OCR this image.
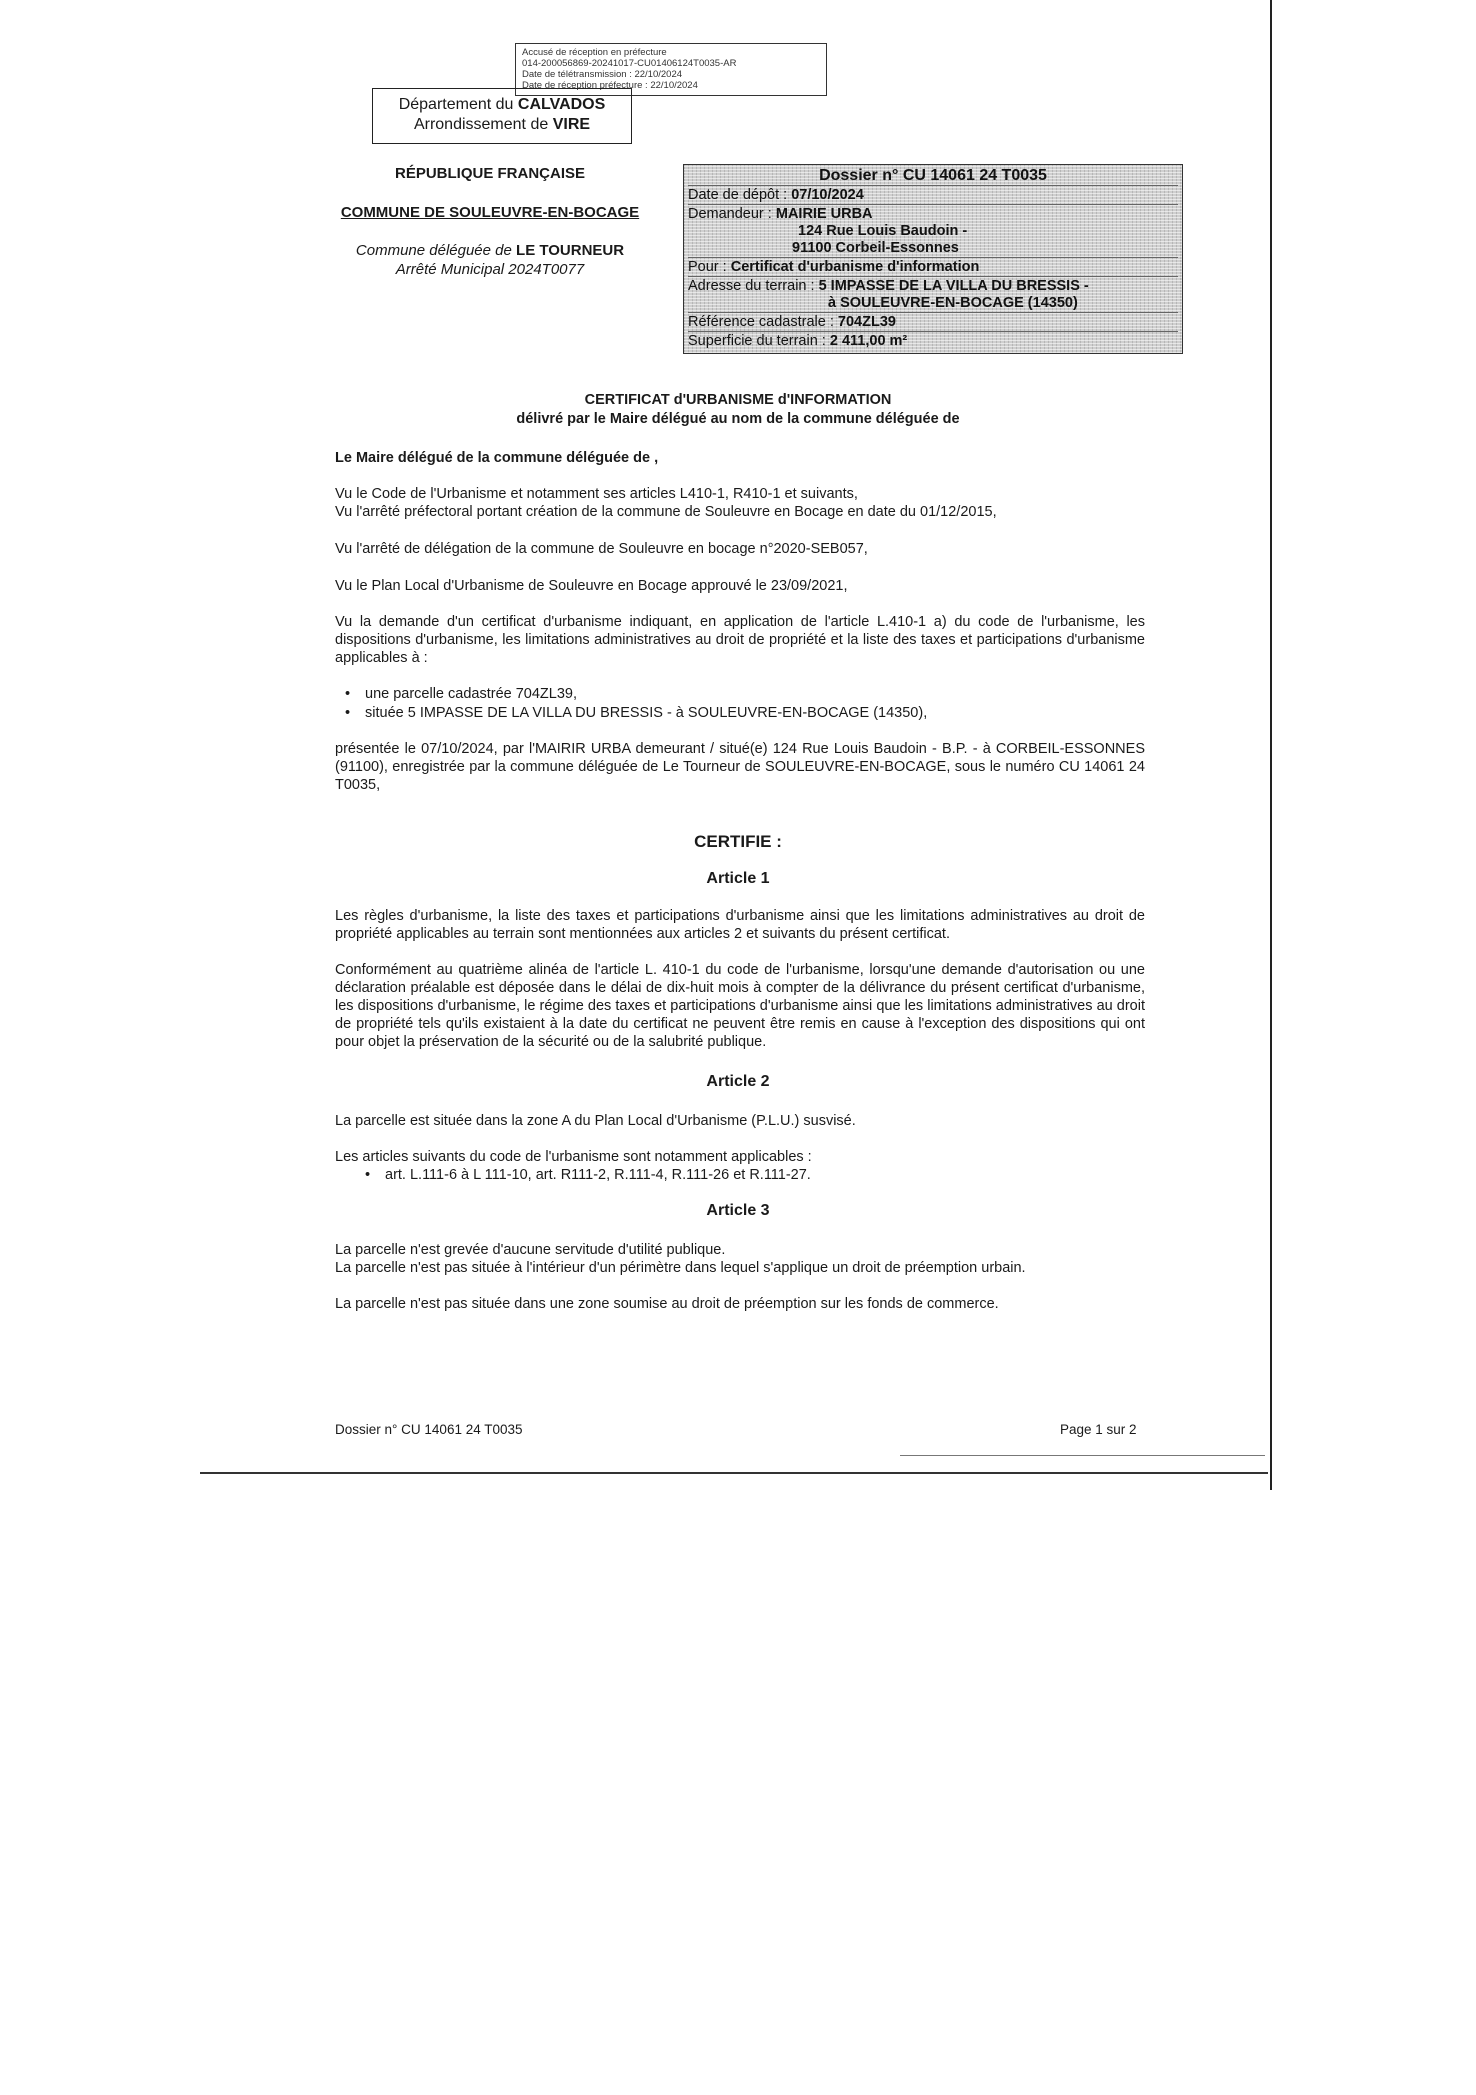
Accusé de réception en préfecture
014-200056869-20241017-CU01406124T0035-AR
Date de télétransmission : 22/10/2024
Date de réception préfecture : 22/10/2024
Département du CALVADOS
Arrondissement de VIRE
RÉPUBLIQUE FRANÇAISE
COMMUNE DE SOULEUVRE-EN-BOCAGE
Commune déléguée de LE TOURNEUR
Arrêté Municipal 2024T0077
Dossier n° CU 14061 24 T0035
Date de dépôt : 07/10/2024
Demandeur : MAIRIE URBA
124 Rue Louis Baudoin -
91100 Corbeil-Essonnes
Pour : Certificat d'urbanisme d'information
Adresse du terrain : 5 IMPASSE DE LA VILLA DU BRESSIS -
à SOULEUVRE-EN-BOCAGE (14350)
Référence cadastrale : 704ZL39
Superficie du terrain : 2 411,00 m²
CERTIFICAT d'URBANISME d'INFORMATION
délivré par le Maire délégué au nom de la commune déléguée de
Le Maire délégué de la commune déléguée de ,
Vu le Code de l'Urbanisme et notamment ses articles L410-1, R410-1 et suivants,
Vu l'arrêté préfectoral portant création de la commune de Souleuvre en Bocage en date du 01/12/2015,
Vu l'arrêté de délégation de la commune de Souleuvre en bocage n°2020-SEB057,
Vu le Plan Local d'Urbanisme de Souleuvre en Bocage approuvé le 23/09/2021,
Vu la demande d'un certificat d'urbanisme indiquant, en application de l'article L.410-1 a) du code de l'urbanisme, les dispositions d'urbanisme, les limitations administratives au droit de propriété et la liste des taxes et participations d'urbanisme applicables à :
• une parcelle cadastrée 704ZL39,
• située 5 IMPASSE DE LA VILLA DU BRESSIS - à SOULEUVRE-EN-BOCAGE (14350),
présentée le 07/10/2024, par l'MAIRIR URBA demeurant / situé(e) 124 Rue Louis Baudoin - B.P. - à CORBEIL-ESSONNES (91100), enregistrée par la commune déléguée de Le Tourneur de SOULEUVRE-EN-BOCAGE, sous le numéro CU 14061 24 T0035,
CERTIFIE :
Article 1
Les règles d'urbanisme, la liste des taxes et participations d'urbanisme ainsi que les limitations administratives au droit de propriété applicables au terrain sont mentionnées aux articles 2 et suivants du présent certificat.
Conformément au quatrième alinéa de l'article L. 410-1 du code de l'urbanisme, lorsqu'une demande d'autorisation ou une déclaration préalable est déposée dans le délai de dix-huit mois à compter de la délivrance du présent certificat d'urbanisme, les dispositions d'urbanisme, le régime des taxes et participations d'urbanisme ainsi que les limitations administratives au droit de propriété tels qu'ils existaient à la date du certificat ne peuvent être remis en cause à l'exception des dispositions qui ont pour objet la préservation de la sécurité ou de la salubrité publique.
Article 2
La parcelle est située dans la zone A du Plan Local d'Urbanisme (P.L.U.) susvisé.
Les articles suivants du code de l'urbanisme sont notamment applicables :
• art. L.111-6 à L 111-10, art. R111-2, R.111-4, R.111-26 et R.111-27.
Article 3
La parcelle n'est grevée d'aucune servitude d'utilité publique.
La parcelle n'est pas située à l'intérieur d'un périmètre dans lequel s'applique un droit de préemption urbain.
La parcelle n'est pas située dans une zone soumise au droit de préemption sur les fonds de commerce.
Dossier n° CU 14061 24 T0035	Page 1 sur 2
